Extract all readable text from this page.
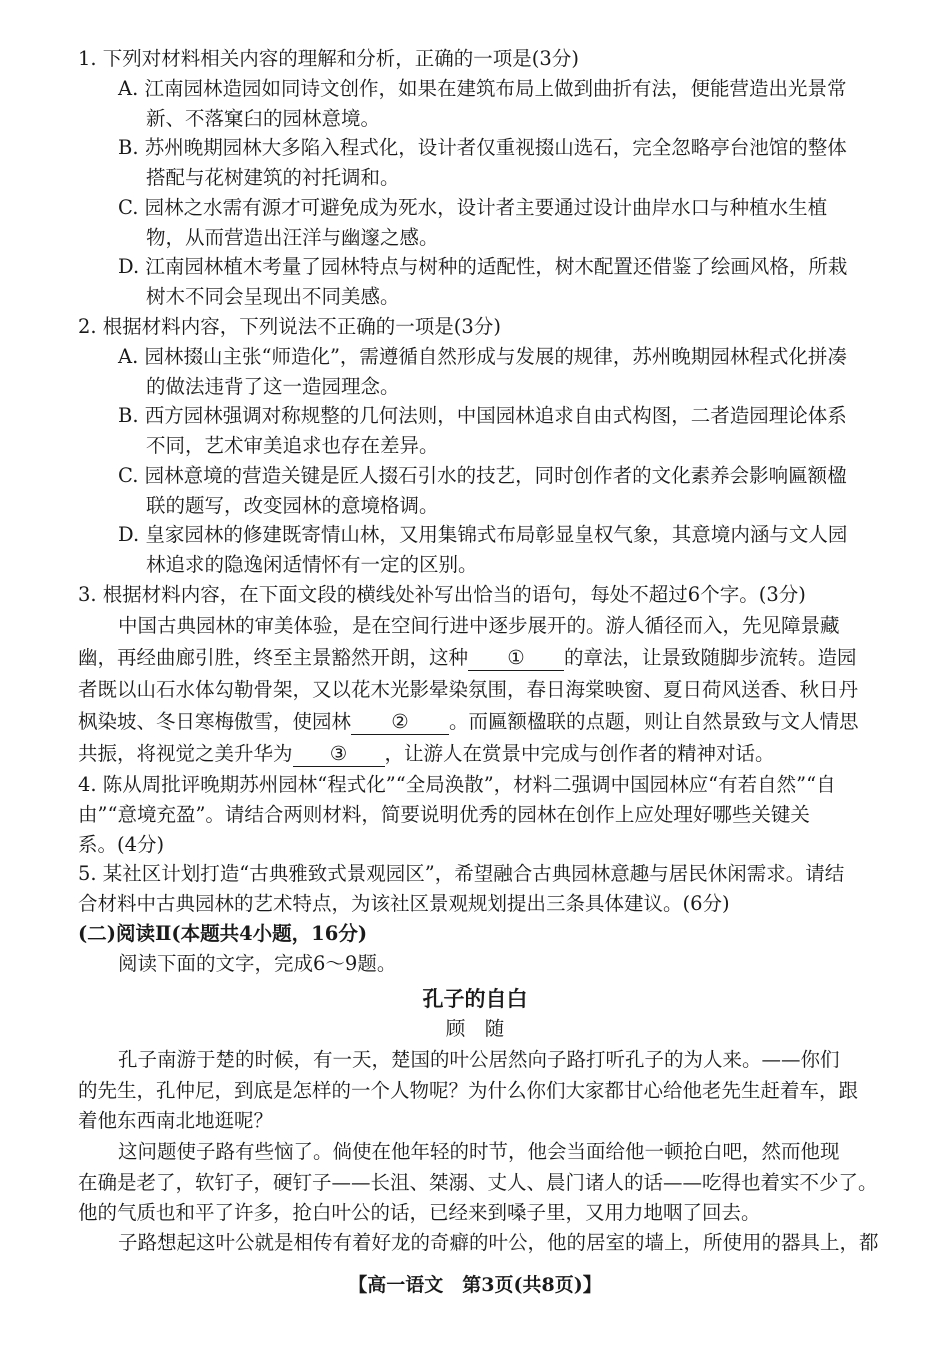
1. 下列对材料相关内容的理解和分析，正确的一项是(3分)
A. 江南园林造园如同诗文创作，如果在建筑布局上做到曲折有法，便能营造出光景常
新、不落窠臼的园林意境。
B. 苏州晚期园林大多陷入程式化，设计者仅重视掇山选石，完全忽略亭台池馆的整体
搭配与花树建筑的衬托调和。
C. 园林之水需有源才可避免成为死水，设计者主要通过设计曲岸水口与种植水生植
物，从而营造出汪洋与幽邃之感。
D. 江南园林植木考量了园林特点与树种的适配性，树木配置还借鉴了绘画风格，所栽
树木不同会呈现出不同美感。
2. 根据材料内容，下列说法不正确的一项是(3分)
A. 园林掇山主张“师造化”，需遵循自然形成与发展的规律，苏州晚期园林程式化拼凑
的做法违背了这一造园理念。
B. 西方园林强调对称规整的几何法则，中国园林追求自由式构图，二者造园理论体系
不同，艺术审美追求也存在差异。
C. 园林意境的营造关键是匠人掇石引水的技艺，同时创作者的文化素养会影响匾额楹
联的题写，改变园林的意境格调。
D. 皇家园林的修建既寄情山林，又用集锦式布局彰显皇权气象，其意境内涵与文人园
林追求的隐逸闲适情怀有一定的区别。
3. 根据材料内容，在下面文段的横线处补写出恰当的语句，每处不超过6个字。(3分)
中国古典园林的审美体验，是在空间行进中逐步展开的。游人循径而入，先见障景藏
幽，再经曲廊引胜，终至主景豁然开朗，这种 ① 的章法，让景致随脚步流转。造园
者既以山石水体勾勒骨架，又以花木光影晕染氛围，春日海棠映窗、夏日荷风送香、秋日丹
枫染坡、冬日寒梅傲雪，使园林 ② 。而匾额楹联的点题，则让自然景致与文人情思
共振，将视觉之美升华为 ③ ，让游人在赏景中完成与创作者的精神对话。
4. 陈从周批评晚期苏州园林“程式化”“全局涣散”，材料二强调中国园林应“有若自然”“自
由”“意境充盈”。请结合两则材料，简要说明优秀的园林在创作上应处理好哪些关键关
系。(4分)
5. 某社区计划打造“古典雅致式景观园区”，希望融合古典园林意趣与居民休闲需求。请结
合材料中古典园林的艺术特点，为该社区景观规划提出三条具体建议。(6分)
(二)阅读Ⅱ(本题共4小题，16分)
阅读下面的文字，完成6～9题。
孔子的自白
顾　随
孔子南游于楚的时候，有一天，楚国的叶公居然向子路打听孔子的为人来。——你们
的先生，孔仲尼，到底是怎样的一个人物呢？为什么你们大家都甘心给他老先生赶着车，跟
着他东西南北地逛呢？
这问题使子路有些恼了。倘使在他年轻的时节，他会当面给他一顿抢白吧，然而他现
在确是老了，软钉子，硬钉子——长沮、桀溺、丈人、晨门诸人的话——吃得也着实不少了。
他的气质也和平了许多，抢白叶公的话，已经来到嗓子里，又用力地咽了回去。
子路想起这叶公就是相传有着好龙的奇癖的叶公，他的居室的墙上，所使用的器具上，都
【高一语文　第3页(共8页)】
